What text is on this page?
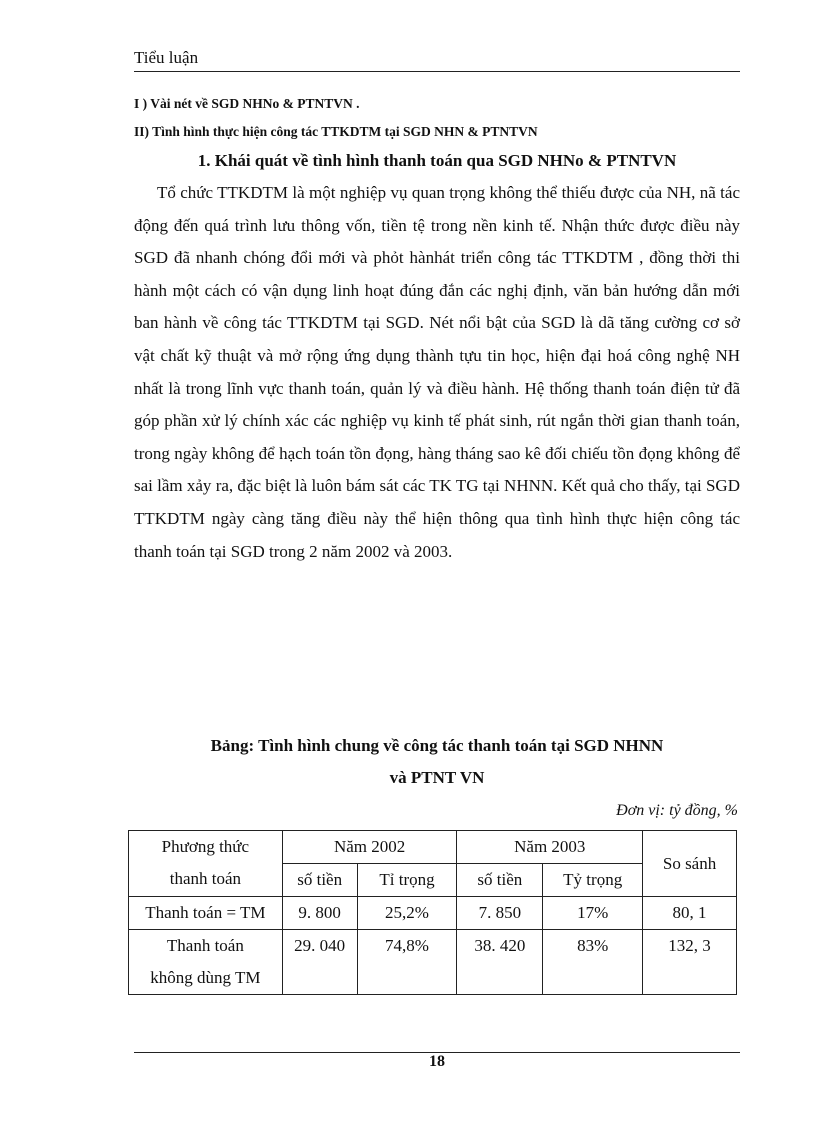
Tiểu luận
I ) Vài nét về SGD NHNo & PTNTVN .
II) Tình hình thực hiện công tác TTKDTM tại SGD NHN & PTNTVN
1. Khái quát về tình hình thanh toán qua SGD NHNo & PTNTVN

Tổ chức TTKDTM là một nghiệp vụ quan trọng không thể thiếu được của NH, nã tác động đến quá trình lưu thông vốn, tiền tệ trong nền kinh tế. Nhận thức được điều này SGD đã nhanh chóng đổi mới và phỏt hànhát triển công tác TTKDTM , đồng thời thi hành một cách có vận dụng linh hoạt đúng đắn các nghị định, văn bản hướng dẫn mới ban hành về công tác TTKDTM tại SGD. Nét nổi bật của SGD là dã tăng cường cơ sở vật chất kỹ thuật và mở rộng ứng dụng thành tựu tin học, hiện đại hoá công nghệ NH nhất là trong lĩnh vực thanh toán, quản lý và điều hành. Hệ thống thanh toán điện tử đã góp phần xử lý chính xác các nghiệp vụ kinh tế phát sinh, rút ngắn thời gian thanh toán, trong ngày không để hạch toán tồn đọng, hàng tháng sao kê đối chiếu tồn đọng không để sai lầm xảy ra, đặc biệt là luôn bám sát các TK TG tại NHNN. Kết quả cho thấy, tại SGD TTKDTM ngày càng tăng điều này thể hiện thông qua tình hình thực hiện công tác thanh toán tại SGD trong 2 năm 2002 và 2003.

Bảng: Tình hình chung về công tác thanh toán tại SGD NHNN
và PTNT VN
Đơn vị: tỷ đồng, %
Phương thức
thanh toán	Năm 2002		Năm 2003		So sánh
	số tiền	Tỉ trọng	số tiền	Tỷ trọng	
Thanh toán = TM	9. 800	25,2%	7. 850	17%	80, 1

Thanh toán
không dùng TM	29. 040	74,8%	38. 420	83%	132, 3
18
